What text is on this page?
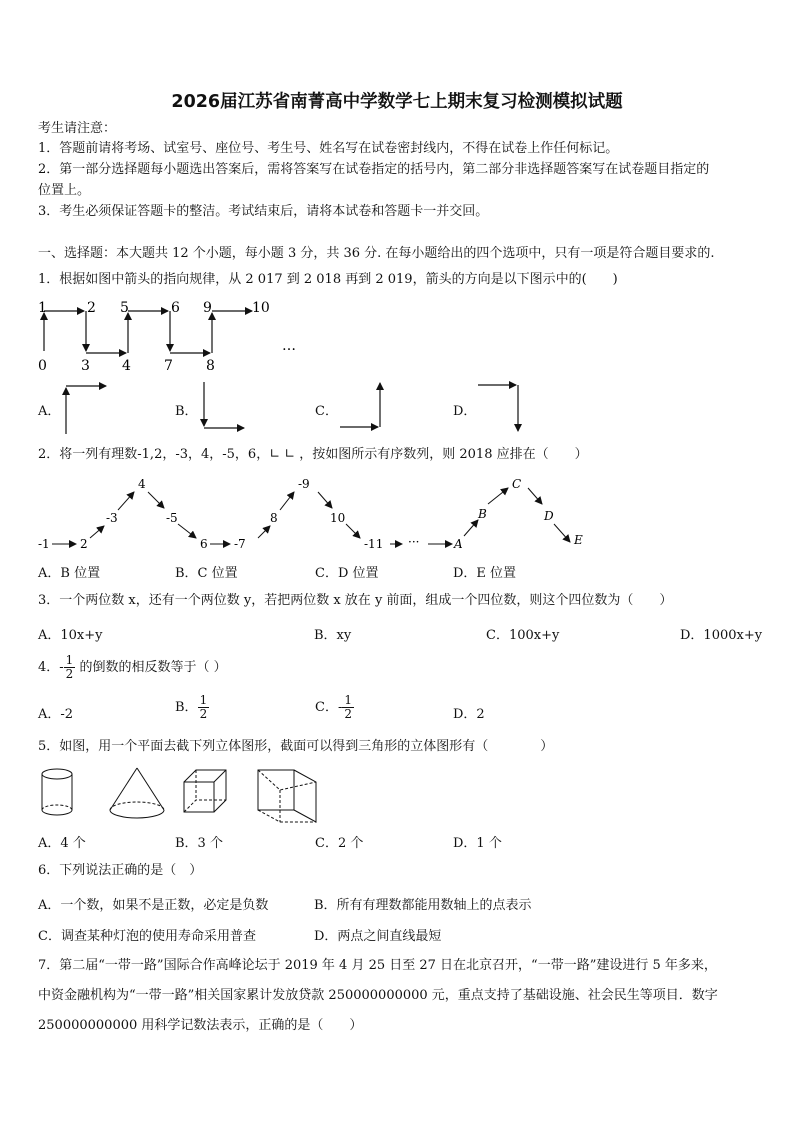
2026届江苏省南菁高中学数学七上期末复习检测模拟试题
考生请注意：
1．答题前请将考场、试室号、座位号、考生号、姓名写在试卷密封线内，不得在试卷上作任何标记。
2．第一部分选择题每小题选出答案后，需将答案写在试卷指定的括号内，第二部分非选择题答案写在试卷题目指定的
位置上。
3．考生必须保证答题卡的整洁。考试结束后，请将本试卷和答题卡一并交回。
一、选择题：本大题共 12 个小题，每小题 3 分，共 36 分. 在每小题给出的四个选项中，只有一项是符合题目要求的.
1．根据如图中箭头的指向规律，从 2 017 到 2 018 再到 2 019，箭头的方向是以下图示中的(　　)
1	2 5	6 9	10
0 3 4 7 8
…
A．	B．	C．	D．
2．将一列有理数-1,2，-3，4，-5，6，∟ ∟ ，按如图所示有序数列，则 2018 应排在（　　）
-1	2
-3
4
-5
6 -7
8
-9
10
-11 ···	A
B
C
D
E
A．B 位置	B．C 位置	C．D 位置	D．E 位置
3．一个两位数 x，还有一个两位数 y，若把两位数 x 放在 y 前面，组成一个四位数，则这个四位数为（　　）
A．10x+y	B．xy	C．100x+y	D．1000x+y
4．- $\frac{1}{2}$ 的倒数的相反数等于（ ）
A．-2	B． $\frac{1}{2}$	C．- $\frac{1}{2}$	D．2
5．如图，用一个平面去截下列立体图形，截面可以得到三角形的立体图形有（　　　　）
A．4 个	B．3 个	C．2 个	D．1 个
6．下列说法正确的是（　）
A．一个数，如果不是正数，必定是负数	B．所有有理数都能用数轴上的点表示
C．调查某种灯泡的使用寿命采用普查	D．两点之间直线最短
7．第二届“一带一路”国际合作高峰论坛于 2019 年 4 月 25 日至 27 日在北京召开，“一带一路”建设进行 5 年多来，
中资金融机构为“一带一路”相关国家累计发放贷款 250000000000 元，重点支持了基础设施、社会民生等项目．数字
250000000000 用科学记数法表示，正确的是（　　）
